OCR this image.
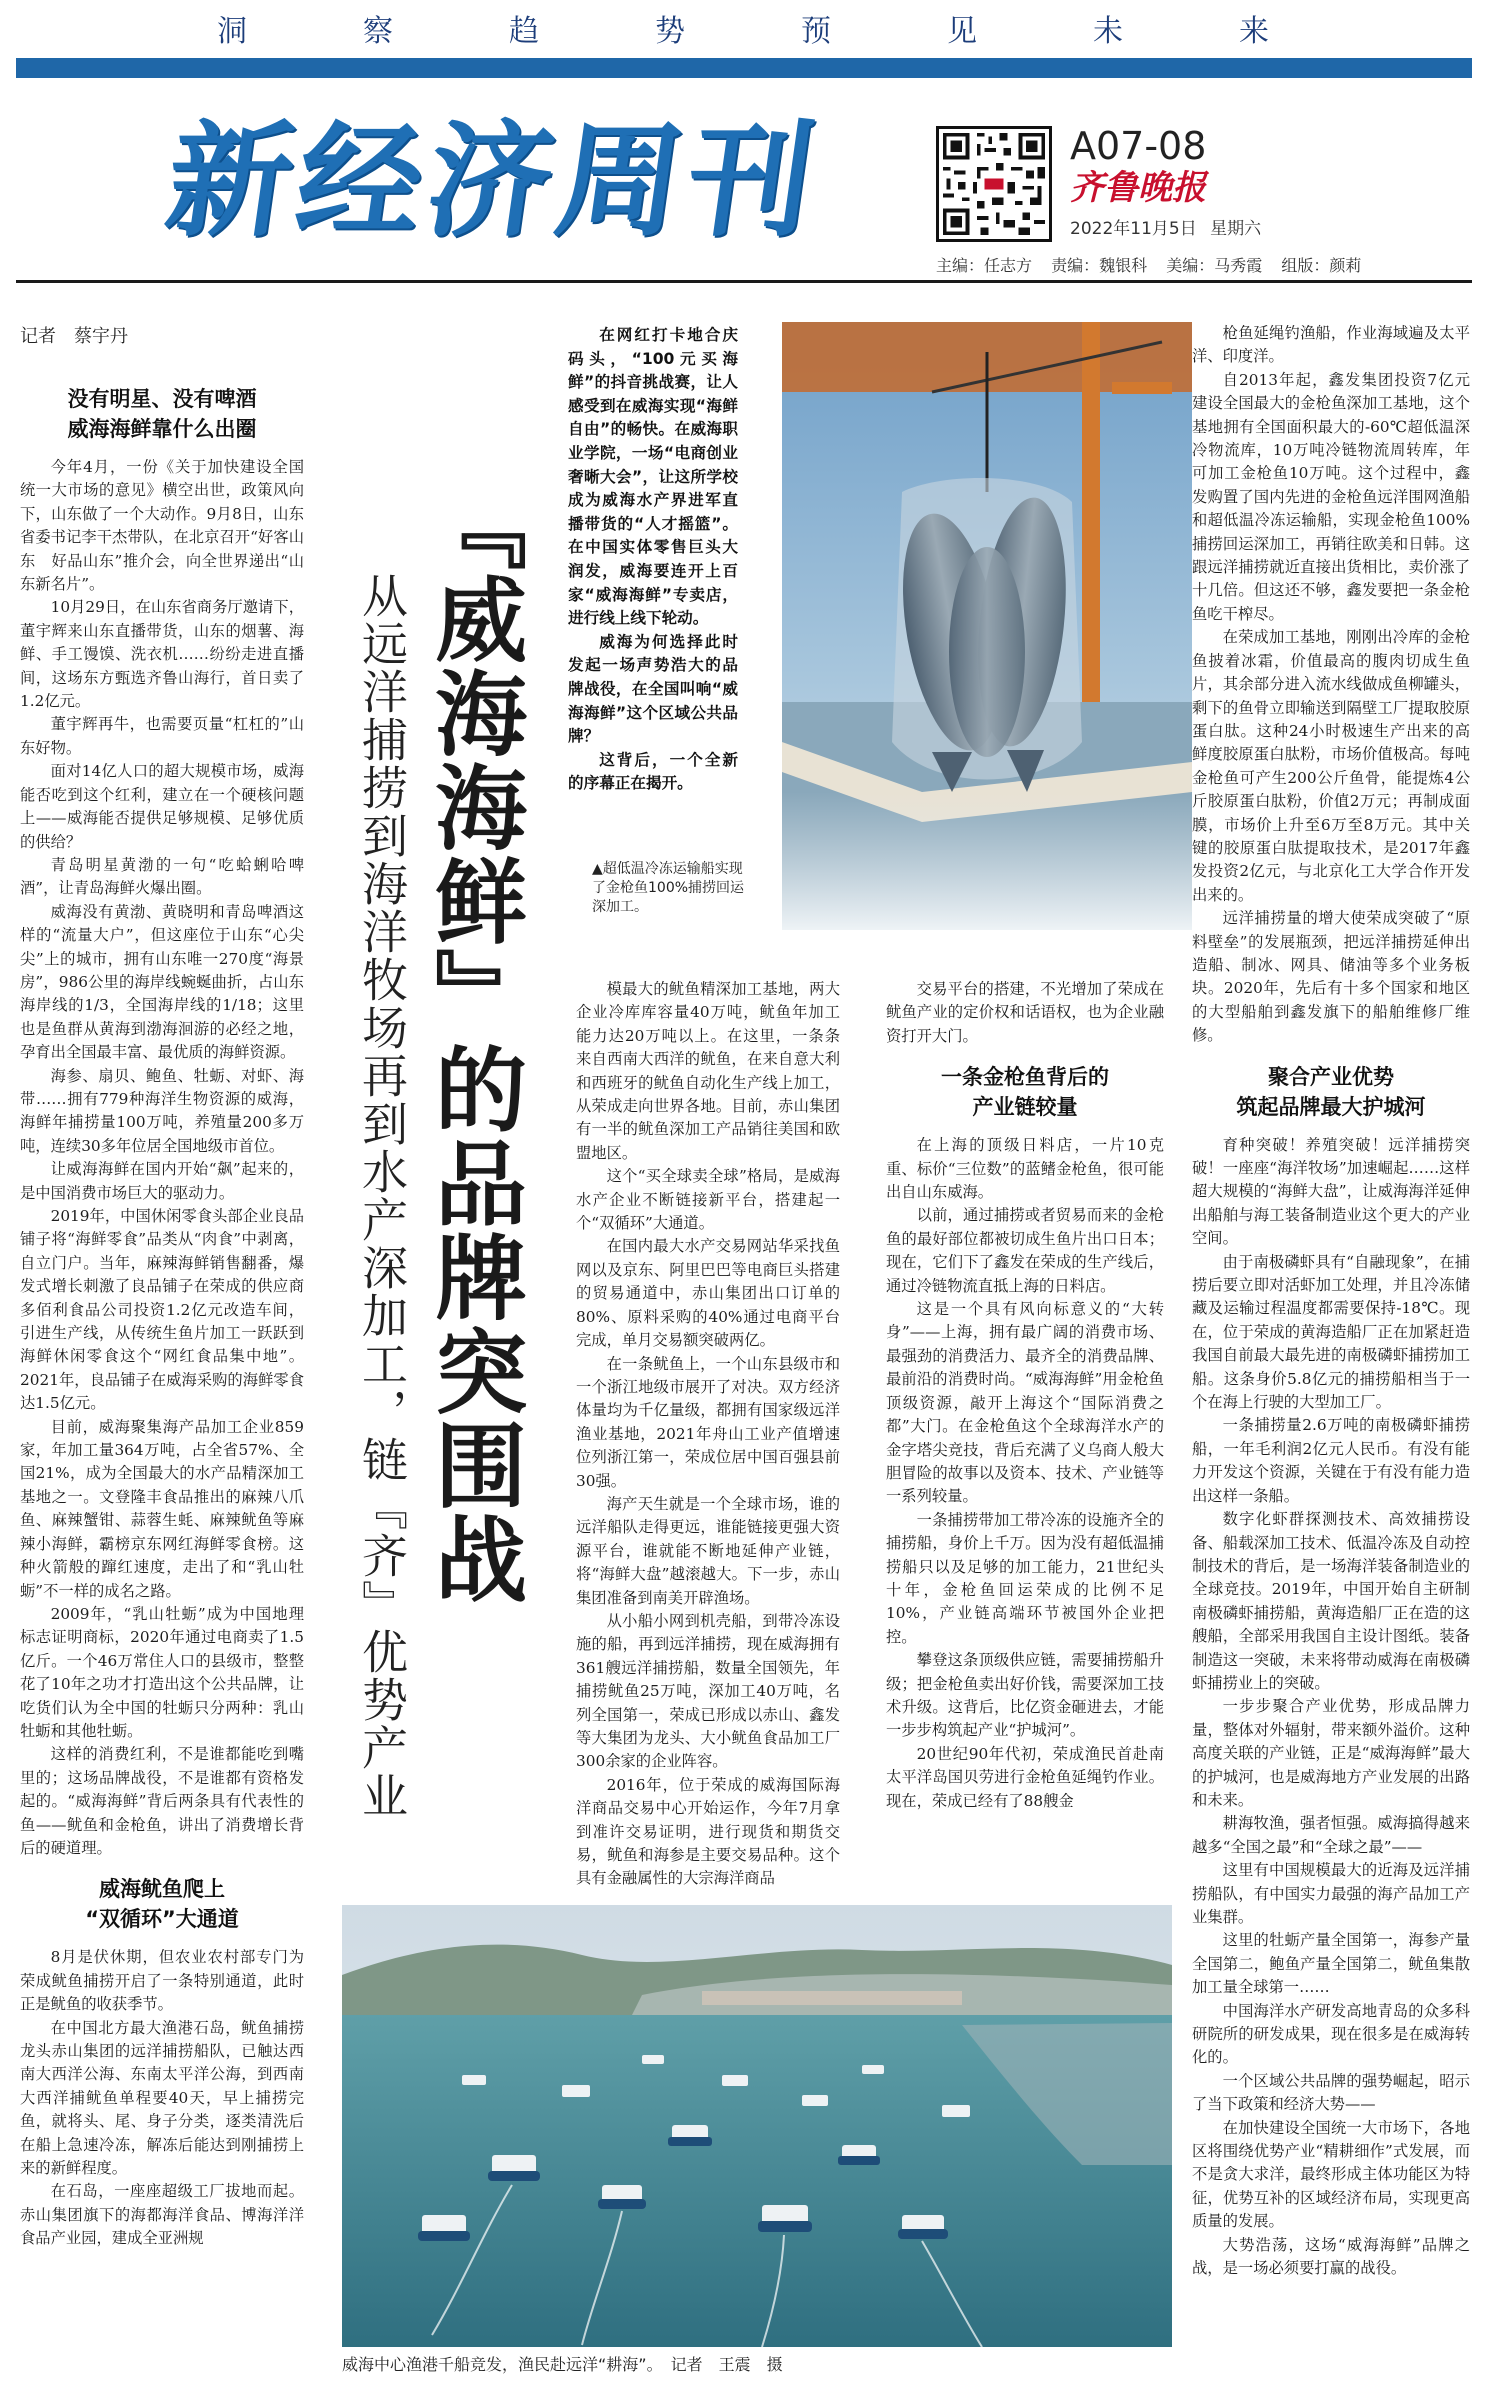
洞	察	趋	势	预	见	未	来
新经济周刊	A07-08
齐鲁晚报
2022年11月5日 星期六
主编：任志方 责编：魏银科 美编：马秀霞 组版：颜莉
记者　蔡宇丹
没有明星、没有啤酒
威海海鲜靠什么出圈

今年4月，一份《关于加快建设全国统一大市场的意见》横空出世，政策风向下，山东做了一个大动作。9月8日，山东省委书记李干杰带队，在北京召开“好客山东　好品山东”推介会，向全世界递出“山东新名片”。

10月29日，在山东省商务厅邀请下，董宇辉来山东直播带货，山东的烟薯、海鲜、手工馒馍、洗衣机……纷纷走进直播间，这场东方甄选齐鲁山海行，首日卖了1.2亿元。

董宇辉再牛，也需要页量“杠杠的”山东好物。

面对14亿人口的超大规模市场，威海能否吃到这个红利，建立在一个硬核问题上——威海能否提供足够规模、足够优质的供给？

青岛明星黄渤的一句“吃蛤蜊哈啤酒”，让青岛海鲜火爆出圈。

威海没有黄渤、黄晓明和青岛啤酒这样的“流量大户”，但这座位于山东“心尖尖”上的城市，拥有山东唯一270度“海景房”，986公里的海岸线蜿蜒曲折，占山东海岸线的1/3，全国海岸线的1/18；这里也是鱼群从黄海到渤海洄游的必经之地，孕育出全国最丰富、最优质的海鲜资源。

海参、扇贝、鲍鱼、牡蛎、对虾、海带……拥有779种海洋生物资源的威海，海鲜年捕捞量100万吨，养殖量200多万吨，连续30多年位居全国地级市首位。

让威海海鲜在国内开始“飙”起来的，是中国消费市场巨大的驱动力。

2019年，中国休闲零食头部企业良品铺子将“海鲜零食”品类从“肉食”中剥离，自立门户。当年，麻辣海鲜销售翻番，爆发式增长刺激了良品铺子在荣成的供应商多佰利食品公司投资1.2亿元改造车间，引进生产线，从传统生鱼片加工一跃跃到海鲜休闲零食这个“网红食品集中地”。2021年，良品铺子在威海采购的海鲜零食达1.5亿元。

目前，威海聚集海产品加工企业859家，年加工量364万吨，占全省57%、全国21%，成为全国最大的水产品精深加工基地之一。文登隆丰食品推出的麻辣八爪鱼、麻辣蟹钳、蒜蓉生蚝、麻辣鱿鱼等麻辣小海鲜，霸榜京东网红海鲜零食榜。这种火箭般的蹿红速度，走出了和“乳山牡蛎”不一样的成名之路。

2009年，“乳山牡蛎”成为中国地理标志证明商标，2020年通过电商卖了1.5亿斤。一个46万常住人口的县级市，整整花了10年之功才打造出这个公共品牌，让吃货们认为全中国的牡蛎只分两种：乳山牡蛎和其他牡蛎。

这样的消费红利，不是谁都能吃到嘴里的；这场品牌战役，不是谁都有资格发起的。“威海海鲜”背后两条具有代表性的鱼——鱿鱼和金枪鱼，讲出了消费增长背后的硬道理。

威海鱿鱼爬上
“双循环”大通道

8月是伏休期，但农业农村部专门为荣成鱿鱼捕捞开启了一条特别通道，此时正是鱿鱼的收获季节。

在中国北方最大渔港石岛，鱿鱼捕捞龙头赤山集团的远洋捕捞船队，已触达西南大西洋公海、东南太平洋公海，到西南大西洋捕鱿鱼单程要40天，早上捕捞完鱼，就将头、尾、身子分类，逐类清洗后在船上急速冷冻，解冻后能达到刚捕捞上来的新鲜程度。

在石岛，一座座超级工厂拔地而起。赤山集团旗下的海都海洋食品、博海洋洋食品产业园，建成全亚洲规

『威海海鲜』的品牌突围战
从远洋捕捞到海洋牧场再到水产深加工，链『齐』优势产业

在网红打卡地合庆码头，“100元买海鲜”的抖音挑战赛，让人感受到在威海实现“海鲜自由”的畅快。在威海职业学院，一场“电商创业奢晰大会”，让这所学校成为威海水产界进军直播带货的“人才摇篮”。在中国实体零售巨头大润发，威海要连开上百家“威海海鲜”专卖店，进行线上线下轮动。

威海为何选择此时发起一场声势浩大的品牌战役，在全国叫响“威海海鲜”这个区域公共品牌？

这背后，一个全新的序幕正在揭开。

▲超低温冷冻运输船实现了金枪鱼100%捕捞回运深加工。

模最大的鱿鱼精深加工基地，两大企业冷库库容量40万吨，鱿鱼年加工能力达20万吨以上。在这里，一条条来自西南大西洋的鱿鱼，在来自意大利和西班牙的鱿鱼自动化生产线上加工，从荣成走向世界各地。目前，赤山集团有一半的鱿鱼深加工产品销往美国和欧盟地区。

这个“买全球卖全球”格局，是威海水产企业不断链接新平台，搭建起一个“双循环”大通道。

在国内最大水产交易网站华采找鱼网以及京东、阿里巴巴等电商巨头搭建的贸易通道中，赤山集团出口订单的80%、原料采购的40%通过电商平台完成，单月交易额突破两亿。

在一条鱿鱼上，一个山东县级市和一个浙江地级市展开了对决。双方经济体量均为千亿量级，都拥有国家级远洋渔业基地，2021年舟山工业产值增速位列浙江第一，荣成位居中国百强县前30强。

海产天生就是一个全球市场，谁的远洋船队走得更远，谁能链接更强大资源平台，谁就能不断地延伸产业链，将“海鲜大盘”越滚越大。下一步，赤山集团准备到南美开辟渔场。

从小船小网到机壳船，到带冷冻设施的船，再到远洋捕捞，现在威海拥有361艘远洋捕捞船，数量全国领先，年捕捞鱿鱼25万吨，深加工40万吨，名列全国第一，荣成已形成以赤山、鑫发等大集团为龙头、大小鱿鱼食品加工厂300余家的企业阵容。

2016年，位于荣成的威海国际海洋商品交易中心开始运作，今年7月拿到准许交易证明，进行现货和期货交易，鱿鱼和海参是主要交易品种。这个具有金融属性的大宗海洋商品

交易平台的搭建，不光增加了荣成在鱿鱼产业的定价权和话语权，也为企业融资打开大门。

一条金枪鱼背后的
产业链较量

在上海的顶级日料店，一片10克重、标价“三位数”的蓝鳍金枪鱼，很可能出自山东威海。

以前，通过捕捞或者贸易而来的金枪鱼的最好部位都被切成生鱼片出口日本；现在，它们下了鑫发在荣成的生产线后，通过冷链物流直抵上海的日料店。

这是一个具有风向标意义的“大转身”——上海，拥有最广阔的消费市场、最强劲的消费活力、最齐全的消费品牌、最前沿的消费时尚。“威海海鲜”用金枪鱼顶级资源，敲开上海这个“国际消费之都”大门。在金枪鱼这个全球海洋水产的金字塔尖竞技，背后充满了义乌商人般大胆冒险的故事以及资本、技术、产业链等一系列较量。

一条捕捞带加工带冷冻的设施齐全的捕捞船，身价上千万。因为没有超低温捕捞船只以及足够的加工能力，21世纪头十年，金枪鱼回运荣成的比例不足10%，产业链高端环节被国外企业把控。

攀登这条顶级供应链，需要捕捞船升级；把金枪鱼卖出好价钱，需要深加工技术升级。这背后，比亿资金砸进去，才能一步步构筑起产业“护城河”。

20世纪90年代初，荣成渔民首赴南太平洋岛国贝劳进行金枪鱼延绳钓作业。现在，荣成已经有了88艘金

枪鱼延绳钓渔船，作业海域遍及太平洋、印度洋。

自2013年起，鑫发集团投资7亿元建设全国最大的金枪鱼深加工基地，这个基地拥有全国面积最大的-60℃超低温深冷物流库，10万吨冷链物流周转库，年可加工金枪鱼10万吨。这个过程中，鑫发购置了国内先进的金枪鱼远洋围网渔船和超低温冷冻运输船，实现金枪鱼100%捕捞回运深加工，再销往欧美和日韩。这跟远洋捕捞就近直接出货相比，卖价涨了十几倍。但这还不够，鑫发要把一条金枪鱼吃干榨尽。

在荣成加工基地，刚刚出冷库的金枪鱼披着冰霜，价值最高的腹肉切成生鱼片，其余部分进入流水线做成鱼柳罐头，剩下的鱼骨立即输送到隔壁工厂提取胶原蛋白肽。这种24小时极速生产出来的高鲜度胶原蛋白肽粉，市场价值极高。每吨金枪鱼可产生200公斤鱼骨，能提炼4公斤胶原蛋白肽粉，价值2万元；再制成面膜，市场价上升至6万至8万元。其中关键的胶原蛋白肽提取技术，是2017年鑫发投资2亿元，与北京化工大学合作开发出来的。

远洋捕捞量的增大使荣成突破了“原料壁垒”的发展瓶颈，把远洋捕捞延伸出造船、制冰、网具、储油等多个业务板块。2020年，先后有十多个国家和地区的大型船舶到鑫发旗下的船舶维修厂维修。

聚合产业优势
筑起品牌最大护城河

育种突破！养殖突破！远洋捕捞突破！一座座“海洋牧场”加速崛起……这样超大规模的“海鲜大盘”，让威海海洋延伸出船舶与海工装备制造业这个更大的产业空间。

由于南极磷虾具有“自融现象”，在捕捞后要立即对活虾加工处理，并且冷冻储藏及运输过程温度都需要保持-18℃。现在，位于荣成的黄海造船厂正在加紧赶造我国自前最大最先进的南极磷虾捕捞加工船。这条身价5.8亿元的捕捞船相当于一个在海上行驶的大型加工厂。

一条捕捞量2.6万吨的南极磷虾捕捞船，一年毛利润2亿元人民币。有没有能力开发这个资源，关键在于有没有能力造出这样一条船。

数字化虾群探测技术、高效捕捞设备、船载深加工技术、低温冷冻及自动控制技术的背后，是一场海洋装备制造业的全球竞技。2019年，中国开始自主研制南极磷虾捕捞船，黄海造船厂正在造的这艘船，全部采用我国自主设计图纸。装备制造这一突破，未来将带动威海在南极磷虾捕捞业上的突破。

一步步聚合产业优势，形成品牌力量，整体对外辐射，带来额外溢价。这种高度关联的产业链，正是“威海海鲜”最大的护城河，也是威海地方产业发展的出路和未来。

耕海牧渔，强者恒强。威海搞得越来越多“全国之最”和“全球之最”——

这里有中国规模最大的近海及远洋捕捞船队，有中国实力最强的海产品加工产业集群。

这里的牡蛎产量全国第一，海参产量全国第二，鲍鱼产量全国第二，鱿鱼集散加工量全球第一……

中国海洋水产研发高地青岛的众多科研院所的研发成果，现在很多是在威海转化的。

一个区域公共品牌的强势崛起，昭示了当下政策和经济大势——

在加快建设全国统一大市场下，各地区将围绕优势产业“精耕细作”式发展，而不是贪大求洋，最终形成主体功能区为特征，优势互补的区域经济布局，实现更高质量的发展。

大势浩荡，这场“威海海鲜”品牌之战，是一场必须要打赢的战役。

威海中心渔港千船竞发，渔民赴远洋“耕海”。　记者　王震　摄
